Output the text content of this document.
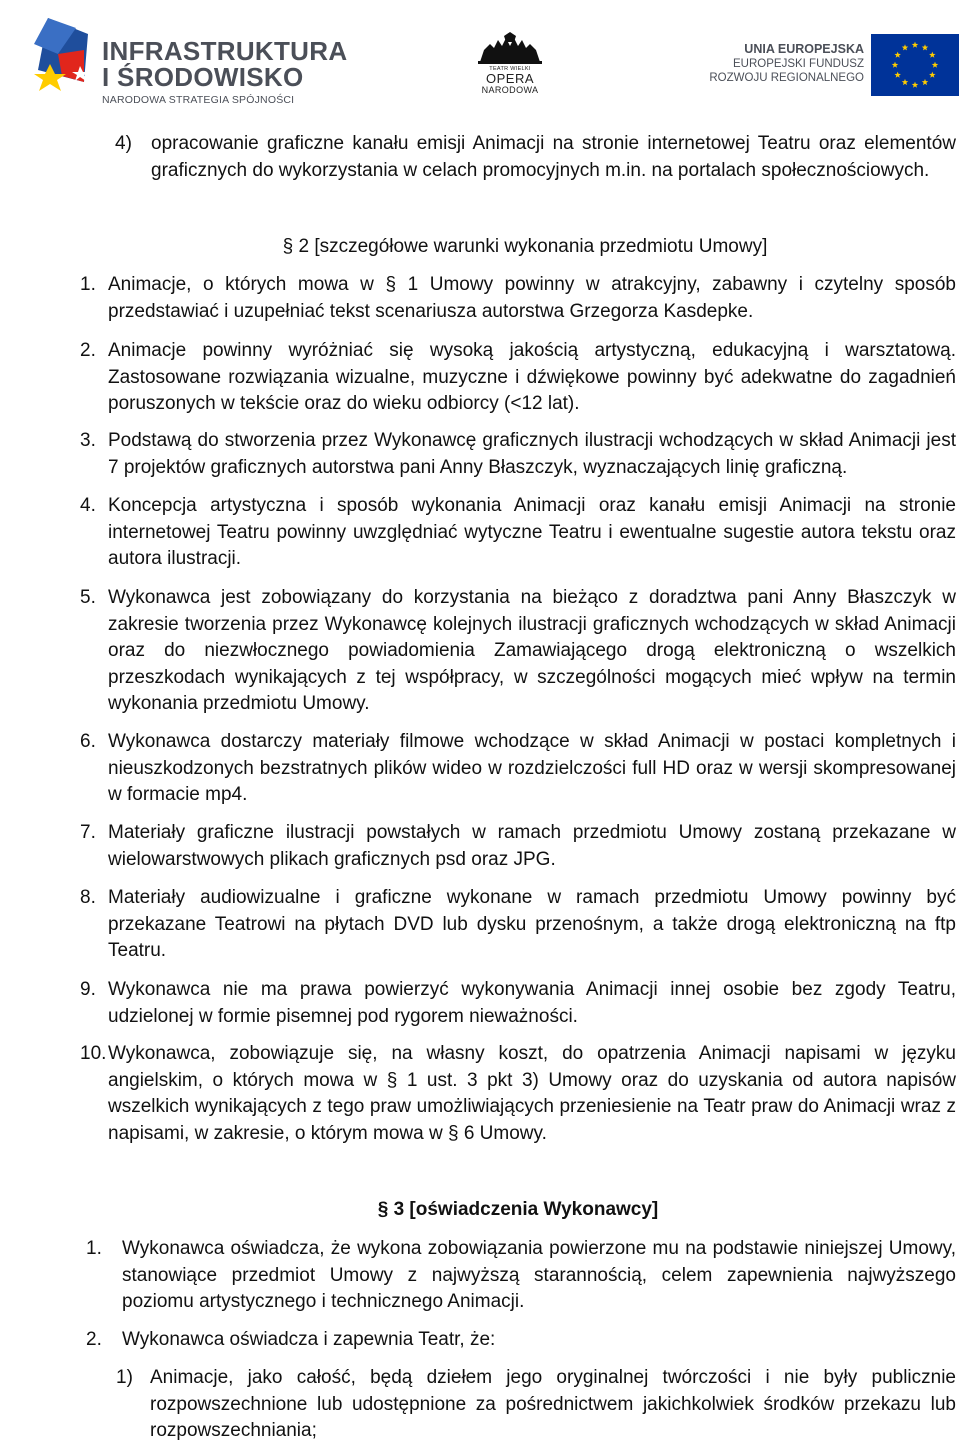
INFRASTRUKTURA
I ŚRODOWISKO
NARODOWA STRATEGIA SPÓJNOŚCI
TEATR WIELKI
OPERA
NARODOWA
UNIA EUROPEJSKA
EUROPEJSKI FUNDUSZ
ROZWOJU REGIONALNEGO
4) opracowanie graficzne kanału emisji Animacji na stronie internetowej Teatru oraz elementów graficznych do wykorzystania w celach promocyjnych m.in. na portalach społecznościowych.
§ 2 [szczegółowe warunki wykonania przedmiotu Umowy]
1. Animacje, o których mowa w § 1 Umowy powinny w atrakcyjny, zabawny i czytelny sposób przedstawiać i uzupełniać tekst scenariusza autorstwa Grzegorza Kasdepke.
2. Animacje powinny wyróżniać się wysoką jakością artystyczną, edukacyjną i warsztatową. Zastosowane rozwiązania wizualne, muzyczne i dźwiękowe powinny być adekwatne do zagadnień poruszonych w tekście oraz do wieku odbiorcy (<12 lat).
3. Podstawą do stworzenia przez Wykonawcę graficznych ilustracji wchodzących w skład Animacji jest 7 projektów graficznych autorstwa pani Anny Błaszczyk, wyznaczających linię graficzną.
4. Koncepcja artystyczna i sposób wykonania Animacji oraz kanału emisji Animacji na stronie internetowej Teatru powinny uwzględniać wytyczne Teatru i ewentualne sugestie autora tekstu oraz autora ilustracji.
5. Wykonawca jest zobowiązany do korzystania na bieżąco z doradztwa pani Anny Błaszczyk w zakresie tworzenia przez Wykonawcę kolejnych ilustracji graficznych wchodzących w skład Animacji oraz do niezwłocznego powiadomienia Zamawiającego drogą elektroniczną o wszelkich przeszkodach wynikających z tej współpracy, w szczególności mogących mieć wpływ na termin wykonania przedmiotu Umowy.
6. Wykonawca dostarczy materiały filmowe wchodzące w skład Animacji w postaci kompletnych i nieuszkodzonych bezstratnych plików wideo w rozdzielczości full HD oraz w wersji skompresowanej w formacie mp4.
7. Materiały graficzne ilustracji powstałych w ramach przedmiotu Umowy zostaną przekazane w wielowarstwowych plikach graficznych psd oraz JPG.
8. Materiały audiowizualne i graficzne wykonane w ramach przedmiotu Umowy powinny być przekazane Teatrowi na płytach DVD lub dysku przenośnym, a także drogą elektroniczną na ftp Teatru.
9. Wykonawca nie ma prawa powierzyć wykonywania Animacji innej osobie bez zgody Teatru, udzielonej w formie pisemnej pod rygorem nieważności.
10. Wykonawca, zobowiązuje się, na własny koszt, do opatrzenia Animacji napisami w języku angielskim, o których mowa w § 1 ust. 3 pkt 3) Umowy oraz do uzyskania od autora napisów wszelkich wynikających z tego praw umożliwiających przeniesienie na Teatr praw do Animacji wraz z napisami, w zakresie, o którym mowa w § 6 Umowy.
§ 3 [oświadczenia Wykonawcy]
1. Wykonawca oświadcza, że wykona zobowiązania powierzone mu na podstawie niniejszej Umowy, stanowiące przedmiot Umowy z najwyższą starannością, celem zapewnienia najwyższego poziomu artystycznego i technicznego Animacji.
2. Wykonawca oświadcza i zapewnia Teatr, że:
1) Animacje, jako całość, będą dziełem jego oryginalnej twórczości i nie były publicznie rozpowszechnione lub udostępnione za pośrednictwem jakichkolwiek środków przekazu lub rozpowszechniania;
